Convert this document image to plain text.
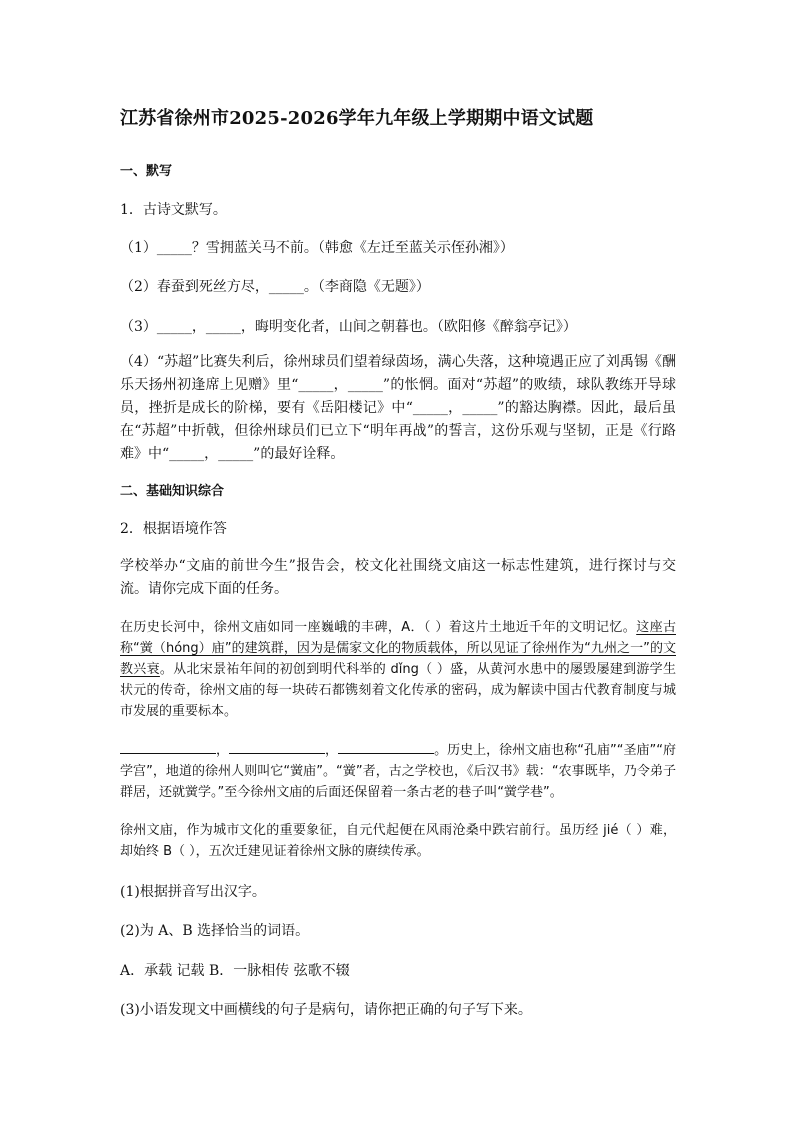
江苏省徐州市2025-2026学年九年级上学期期中语文试题
一、默写
1．古诗文默写。
（1）_____？雪拥蓝关马不前。（韩愈《左迁至蓝关示侄孙湘》）
（2）春蚕到死丝方尽，_____。（李商隐《无题》）
（3）_____，_____，晦明变化者，山间之朝暮也。（欧阳修《醉翁亭记》）
（4）“苏超”比赛失利后，徐州球员们望着绿茵场，满心失落，这种境遇正应了刘禹锡《酬乐天扬州初逢席上见赠》里“_____，_____”的怅惘。面对“苏超”的败绩，球队教练开导球员，挫折是成长的阶梯，要有《岳阳楼记》中“_____，_____”的豁达胸襟。因此，最后虽在“苏超”中折戟，但徐州球员们已立下“明年再战”的誓言，这份乐观与坚韧，正是《行路难》中“_____，_____”的最好诠释。
二、基础知识综合
2．根据语境作答
学校举办“文庙的前世今生”报告会，校文化社围绕文庙这一标志性建筑，进行探讨与交流。请你完成下面的任务。
在历史长河中，徐州文庙如同一座巍峨的丰碑，A．（ ）着这片土地近千年的文明记忆。这座古称“黉（hóng）庙”的建筑群，因为是儒家文化的物质载体，所以见证了徐州作为“九州之一”的文教兴衰。从北宋景祐年间的初创到明代科举的 dǐng（ ）盛，从黄河水患中的屡毁屡建到游学生状元的传奇，徐州文庙的每一块砖石都镌刻着文化传承的密码，成为解读中国古代教育制度与城市发展的重要标本。
，	，	。历史上，徐州文庙也称“孔庙”“圣庙”“府学宫”，地道的徐州人则叫它“黉庙”。“黉”者，古之学校也，《后汉书》载：“农事既毕，乃令弟子群居，还就黉学。”至今徐州文庙的后面还保留着一条古老的巷子叫“黉学巷”。
徐州文庙，作为城市文化的重要象征，自元代起便在风雨沧桑中跌宕前行。虽历经 jié（ ）难，却始终 B（ ），五次迁建见证着徐州文脉的赓续传承。
(1)根据拼音写出汉字。
(2)为 A、B 选择恰当的词语。
A．承载 记载 B．一脉相传 弦歌不辍
(3)小语发现文中画横线的句子是病句，请你把正确的句子写下来。
